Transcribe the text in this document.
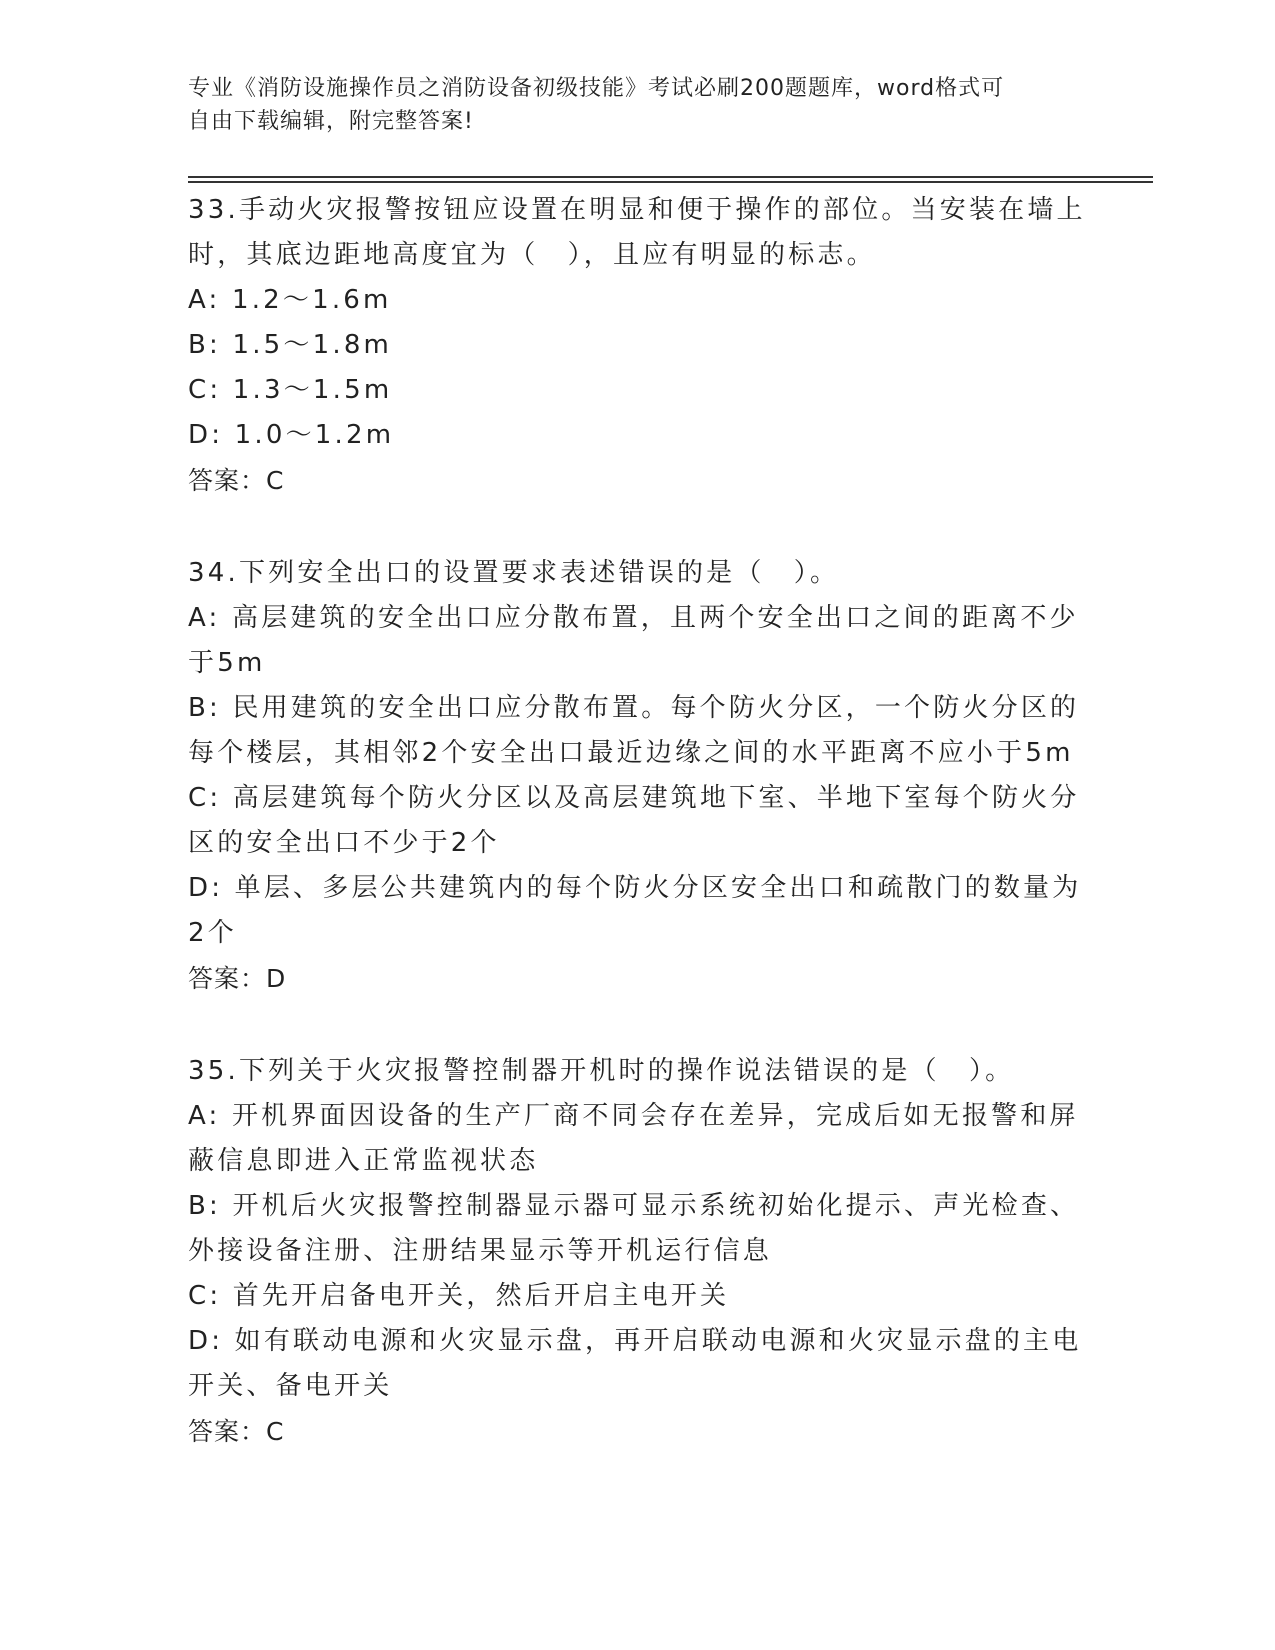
专业《消防设施操作员之消防设备初级技能》考试必刷200题题库，word格式可
自由下载编辑，附完整答案!
33.手动火灾报警按钮应设置在明显和便于操作的部位。当安装在墙上
时，其底边距地高度宜为（　），且应有明显的标志。
A: 1.2～1.6m
B: 1.5～1.8m
C: 1.3～1.5m
D: 1.0～1.2m
答案：C
34.下列安全出口的设置要求表述错误的是（　）。
A: 高层建筑的安全出口应分散布置，且两个安全出口之间的距离不少
于5m
B: 民用建筑的安全出口应分散布置。每个防火分区，一个防火分区的
每个楼层，其相邻2个安全出口最近边缘之间的水平距离不应小于5m
C: 高层建筑每个防火分区以及高层建筑地下室、半地下室每个防火分
区的安全出口不少于2个
D: 单层、多层公共建筑内的每个防火分区安全出口和疏散门的数量为
2个
答案：D
35.下列关于火灾报警控制器开机时的操作说法错误的是（　）。
A: 开机界面因设备的生产厂商不同会存在差异，完成后如无报警和屏
蔽信息即进入正常监视状态
B: 开机后火灾报警控制器显示器可显示系统初始化提示、声光检查、
外接设备注册、注册结果显示等开机运行信息
C: 首先开启备电开关，然后开启主电开关
D: 如有联动电源和火灾显示盘，再开启联动电源和火灾显示盘的主电
开关、备电开关
答案：C
